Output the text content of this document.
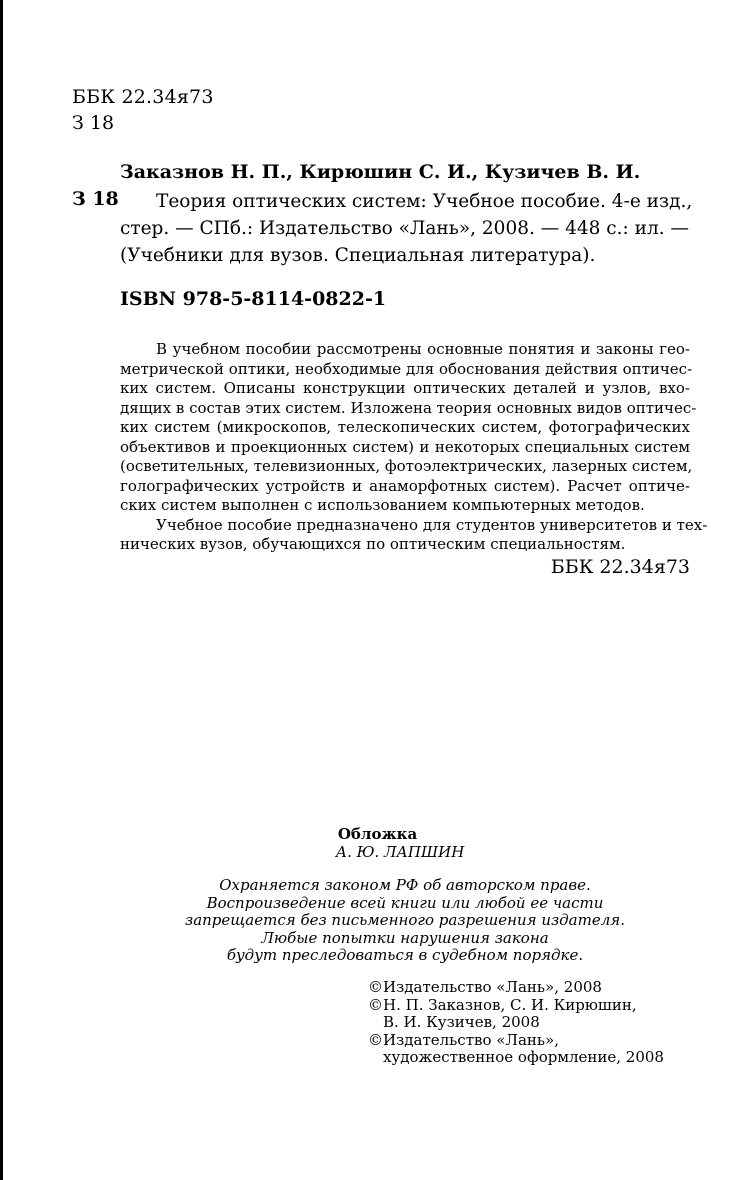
ББК 22.34я73
З 18
Заказнов Н. П., Кирюшин С. И., Кузичев В. И.
З 18	Теория оптических систем: Учебное пособие. 4-е изд.,
стер. — СПб.: Издательство «Лань», 2008. — 448 с.: ил. —
(Учебники для вузов. Специальная литература).
ISBN 978-5-8114-0822-1
В учебном пособии рассмотрены основные понятия и законы гео-
метрической оптики, необходимые для обоснования действия оптичес-
ких систем. Описаны конструкции оптических деталей и узлов, вхо-
дящих в состав этих систем. Изложена теория основных видов оптичес-
ких систем (микроскопов, телескопических систем, фотографических
объективов и проекционных систем) и некоторых специальных систем
(осветительных, телевизионных, фотоэлектрических, лазерных систем,
голографических устройств и анаморфотных систем). Расчет оптиче-
ских систем выполнен с использованием компьютерных методов.
Учебное пособие предназначено для студентов университетов и тех-
нических вузов, обучающихся по оптическим специальностям.
ББК 22.34я73
Обложка
А. Ю. ЛАПШИН
Охраняется законом РФ об авторском праве.
Воспроизведение всей книги или любой ее части
запрещается без письменного разрешения издателя.
Любые попытки нарушения закона
будут преследоваться в судебном порядке.
©Издательство «Лань», 2008
©Н. П. Заказнов, С. И. Кирюшин,
В. И. Кузичев, 2008
©Издательство «Лань»,
художественное оформление, 2008
